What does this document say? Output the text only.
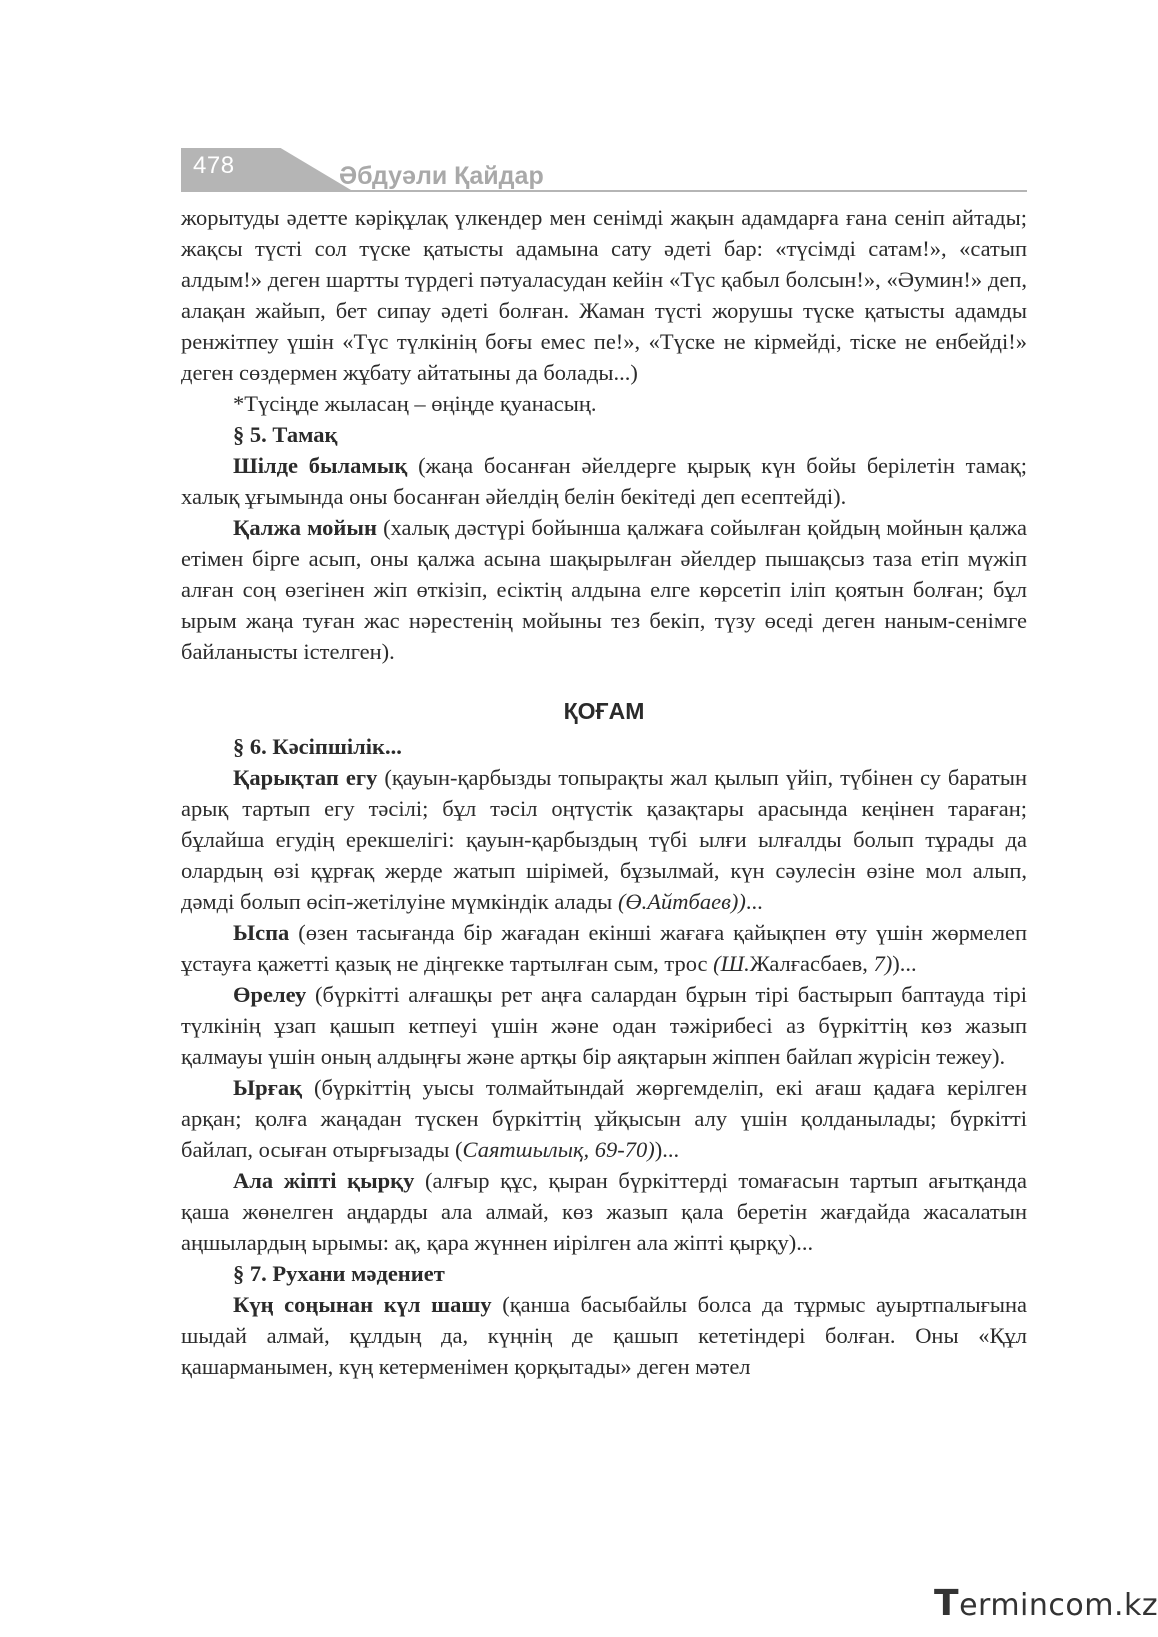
478	Әбдуәли Қайдар

жорытуды әдетте кәріқұлақ үлкендер мен сенімді жақын адамдарға ғана сеніп айтады; жақсы түсті сол түске қатысты адамына сату әдеті бар: «түсімді сатам!», «сатып алдым!» деген шартты түрдегі пәтуаласудан кейін «Түс қабыл болсын!», «Әумин!» деп, алақан жайып, бет сипау әдеті болған. Жаман түсті жорушы түске қатысты адамды ренжітпеу үшін «Түс түлкінің боғы емес пе!», «Түске не кірмейді, тіске не енбейді!» деген сөздермен жұбату айтатыны да болады...)

*Түсіңде жыласаң – өңіңде қуанасың.

§ 5. Тамақ

Шілде быламық (жаңа босанған әйелдерге қырық күн бойы берілетін тамақ; халық ұғымында оны босанған әйелдің белін бекітеді деп есептейді).

Қалжа мойын (халық дәстүрі бойынша қалжаға сойылған қойдың мойнын қалжа етімен бірге асып, оны қалжа асына шақырылған әйелдер пышақсыз таза етіп мүжіп алған соң өзегінен жіп өткізіп, есіктің алдына елге көрсетіп іліп қоятын болған; бұл ырым жаңа туған жас нәрестенің мойыны тез бекіп, түзу өседі деген наным-сенімге байланысты істелген).

ҚОҒАМ

§ 6. Кәсіпшілік...

Қарықтап егу (қауын-қарбызды топырақты жал қылып үйіп, түбінен су баратын арық тартып егу тәсілі; бұл тәсіл оңтүстік қазақтары арасында кеңінен тараған; бұлайша егудің ерекшелігі: қауын-қарбыздың түбі ылғи ылғалды болып тұрады да олардың өзі құрғақ жерде жатып шірімей, бұзылмай, күн сәулесін өзіне мол алып, дәмді болып өсіп-жетілуіне мүмкіндік алады (Ө.Айтбаев))...

Ыспа (өзен тасығанда бір жағадан екінші жағаға қайықпен өту үшін жөрмелеп ұстауға қажетті қазық не діңгекке тартылған сым, трос (Ш.Жалғасбаев, 7))...

Өрелеу (бүркітті алғашқы рет аңға салардан бұрын тірі бастырып баптауда тірі түлкінің ұзап қашып кетпеуі үшін және одан тәжірибесі аз бүркіттің көз жазып қалмауы үшін оның алдыңғы және артқы бір аяқтарын жіппен байлап жүрісін тежеу).

Ырғақ (бүркіттің уысы толмайтындай жөргемделіп, екі ағаш қадаға керілген арқан; қолға жаңадан түскен бүркіттің ұйқысын алу үшін қолданылады; бүркітті байлап, осыған отырғызады (Саятшылық, 69-70))...

Ала жіпті қырқу (алғыр құс, қыран бүркіттерді томағасын тартып ағытқанда қаша жөнелген аңдарды ала алмай, көз жазып қала беретін жағдайда жасалатын аңшылардың ырымы: ақ, қара жүннен иірілген ала жіпті қырқу)...

§ 7. Рухани мәдениет

Күң соңынан күл шашу (қанша басыбайлы болса да тұрмыс ауыртпалығына шыдай алмай, құлдың да, күңнің де қашып кететіндері болған. Оны «Құл қашарманымен, күң кетерменімен қорқытады» деген мәтел

Termincom.kz
